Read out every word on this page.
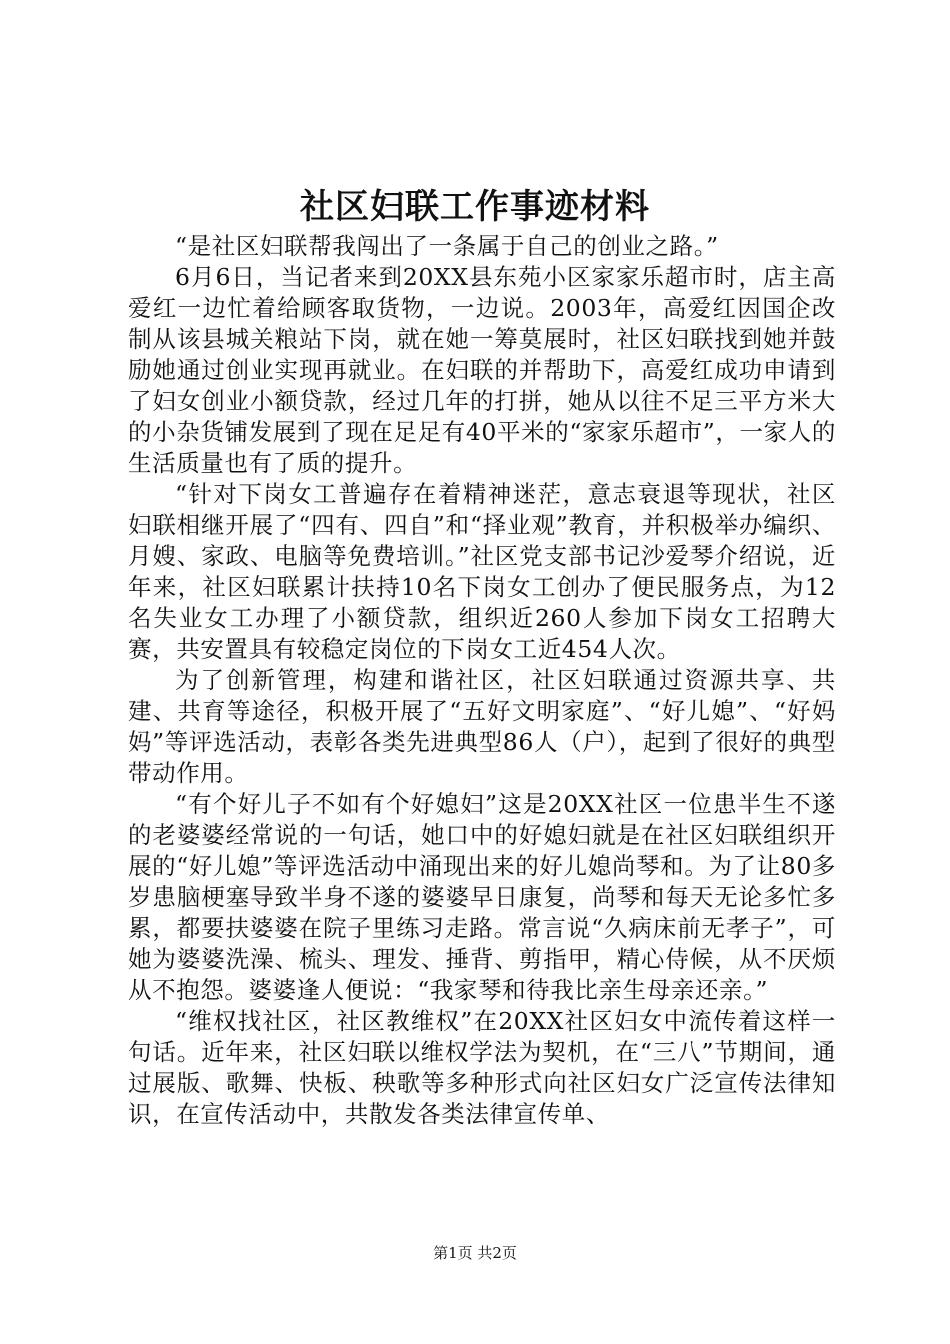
社区妇联工作事迹材料

“是社区妇联帮我闯出了一条属于自己的创业之路。”

6月6日，当记者来到20XX县东苑小区家家乐超市时，店主高爱红一边忙着给顾客取货物，一边说。2003年，高爱红因国企改制从该县城关粮站下岗，就在她一筹莫展时，社区妇联找到她并鼓励她通过创业实现再就业。在妇联的并帮助下，高爱红成功申请到了妇女创业小额贷款，经过几年的打拼，她从以往不足三平方米大的小杂货铺发展到了现在足足有40平米的“家家乐超市”，一家人的生活质量也有了质的提升。

“针对下岗女工普遍存在着精神迷茫，意志衰退等现状，社区妇联相继开展了“四有、四自”和“择业观”教育，并积极举办编织、月嫂、家政、电脑等免费培训。”社区党支部书记沙爱琴介绍说，近年来，社区妇联累计扶持10名下岗女工创办了便民服务点，为12名失业女工办理了小额贷款，组织近260人参加下岗女工招聘大赛，共安置具有较稳定岗位的下岗女工近454人次。

为了创新管理，构建和谐社区，社区妇联通过资源共享、共建、共育等途径，积极开展了“五好文明家庭”、“好儿媳”、“好妈妈”等评选活动，表彰各类先进典型86人（户），起到了很好的典型带动作用。

“有个好儿子不如有个好媳妇”这是20XX社区一位患半生不遂的老婆婆经常说的一句话，她口中的好媳妇就是在社区妇联组织开展的“好儿媳”等评选活动中涌现出来的好儿媳尚琴和。为了让80多岁患脑梗塞导致半身不遂的婆婆早日康复，尚琴和每天无论多忙多累，都要扶婆婆在院子里练习走路。常言说“久病床前无孝子”，可她为婆婆洗澡、梳头、理发、捶背、剪指甲，精心侍候，从不厌烦从不抱怨。婆婆逢人便说：“我家琴和待我比亲生母亲还亲。”

“维权找社区，社区教维权”在20XX社区妇女中流传着这样一句话。近年来，社区妇联以维权学法为契机，在“三八”节期间，通过展版、歌舞、快板、秧歌等多种形式向社区妇女广泛宣传法律知识，在宣传活动中，共散发各类法律宣传单、

第1页 共2页
